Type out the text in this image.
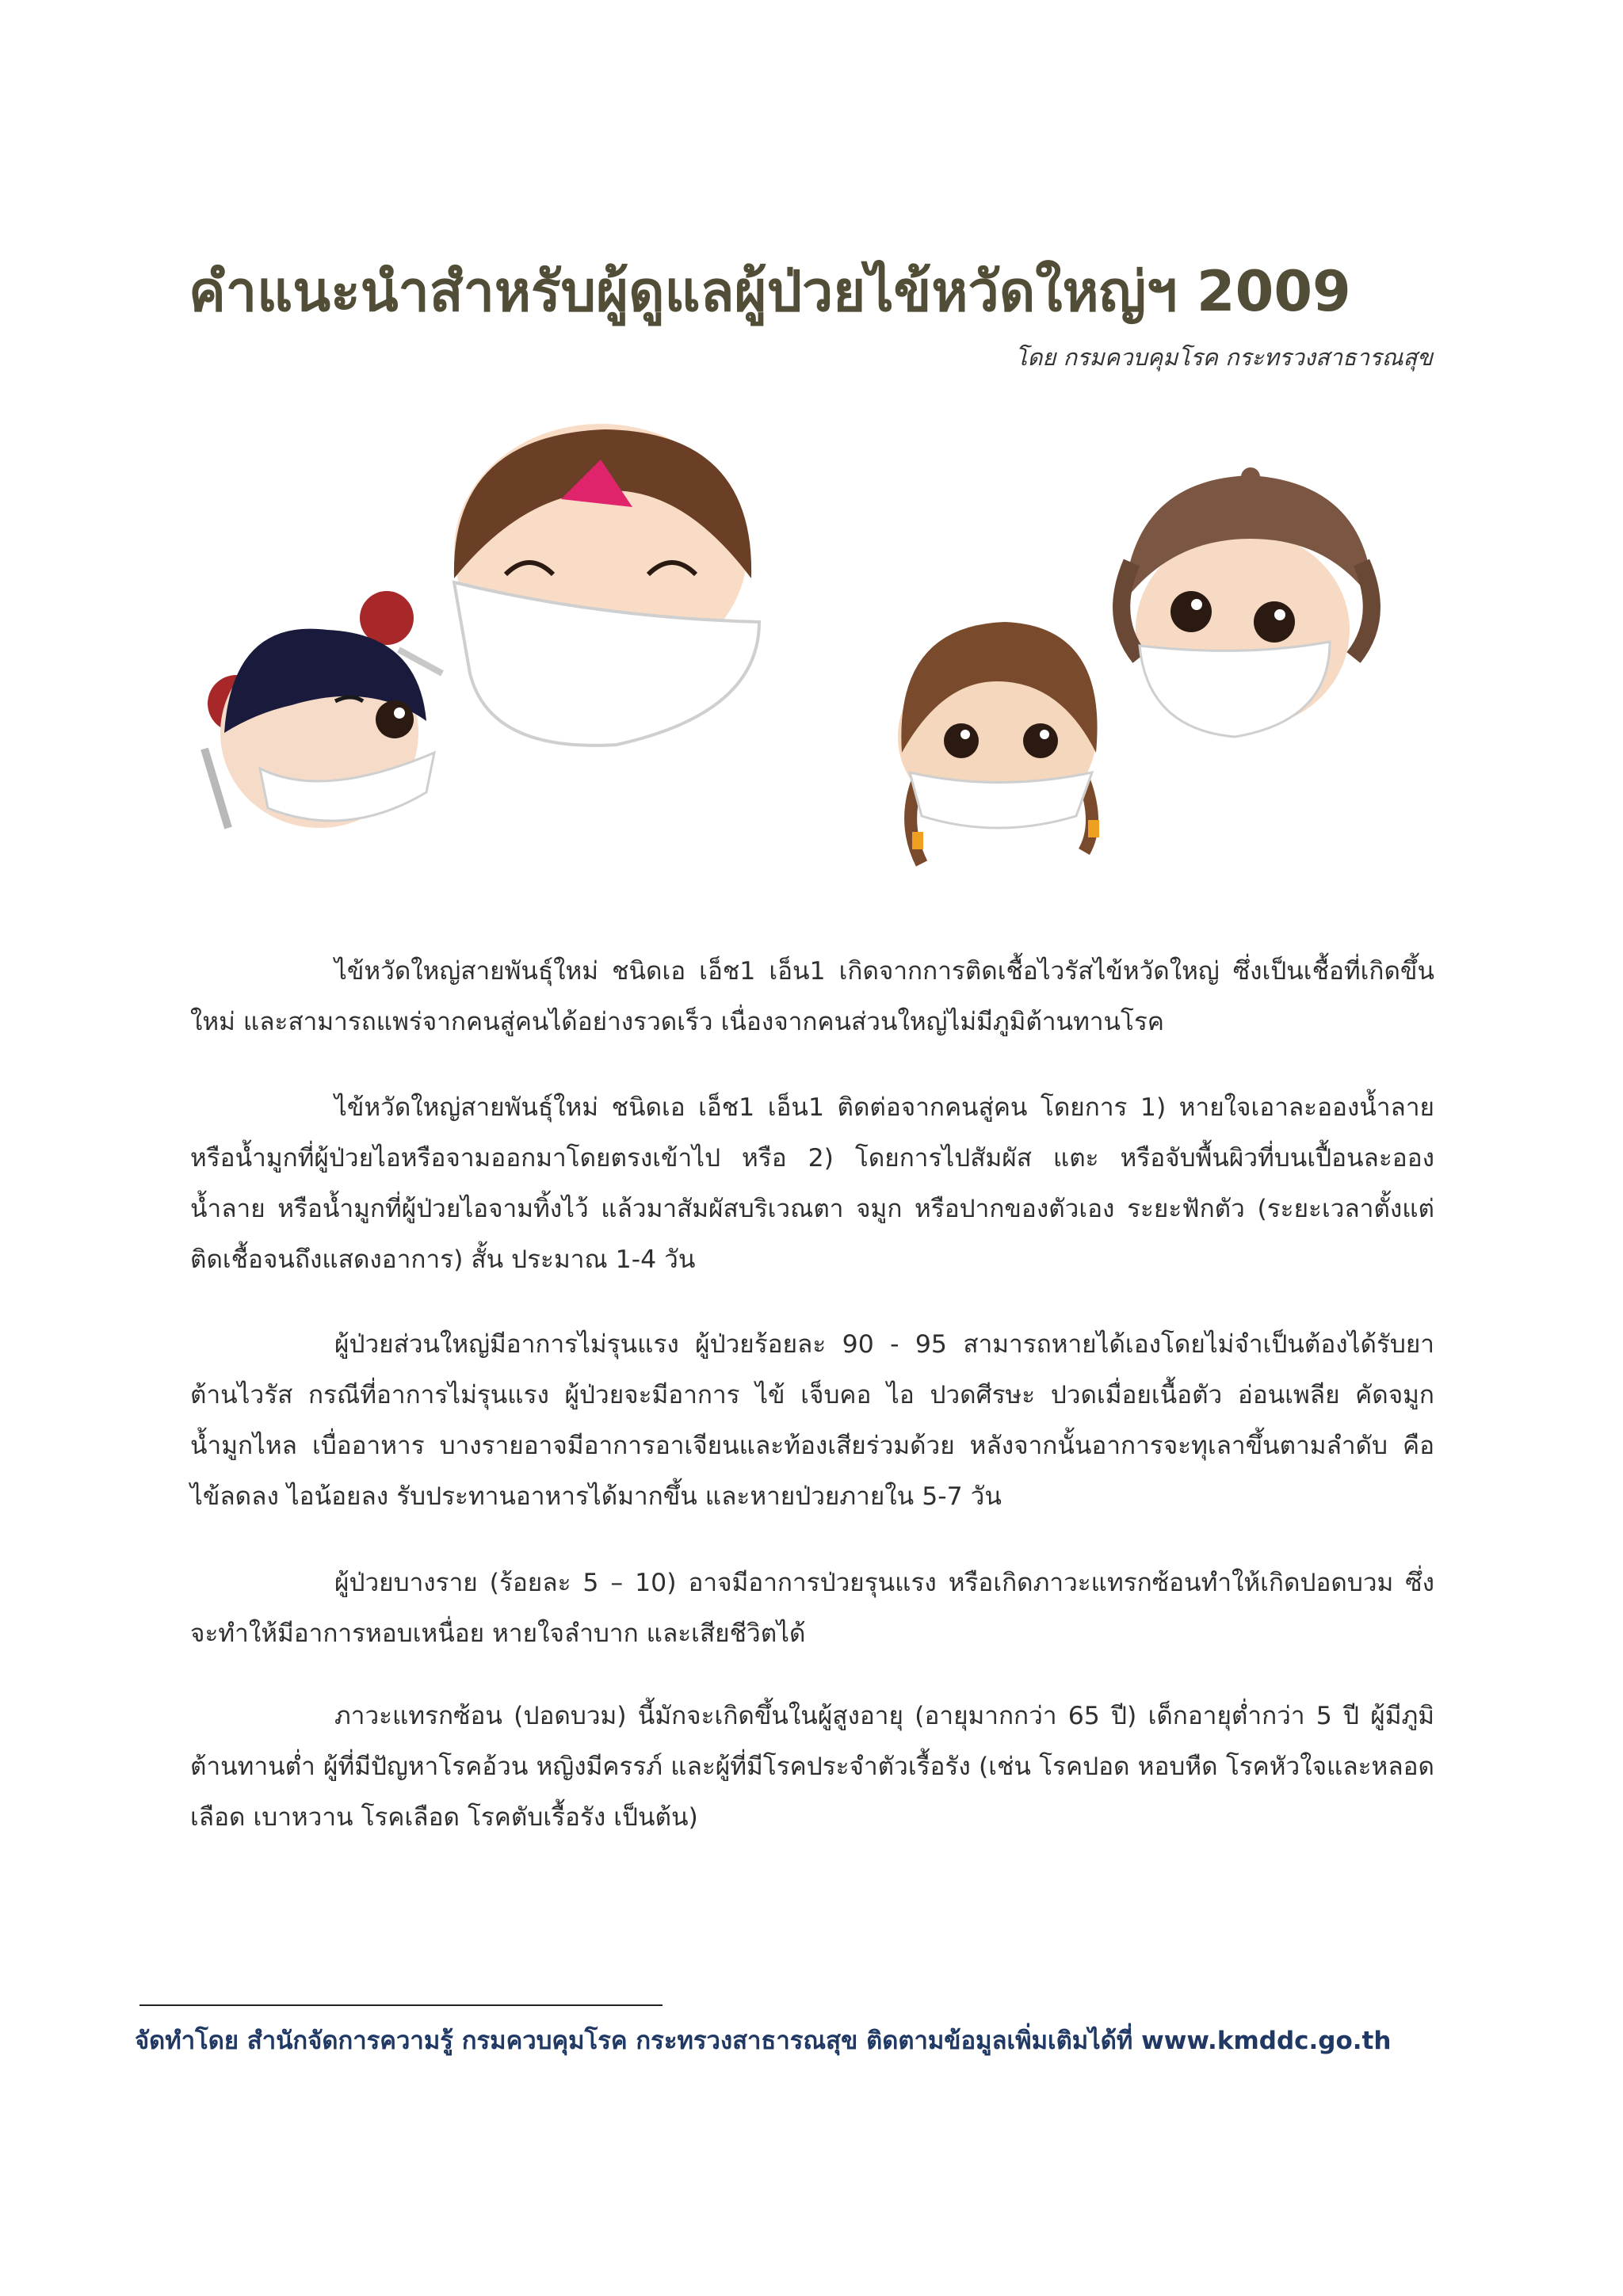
คำแนะนำสำหรับผู้ดูแลผู้ป่วยไข้หวัดใหญ่ฯ 2009
โดย กรมควบคุมโรค กระทรวงสาธารณสุข

ไข้หวัดใหญ่สายพันธุ์ใหม่ ชนิดเอ เอ็ช1 เอ็น1 เกิดจากการติดเชื้อไวรัสไข้หวัดใหญ่ ซึ่งเป็นเชื้อที่เกิดขึ้นใหม่ และสามารถแพร่จากคนสู่คนได้อย่างรวดเร็ว เนื่องจากคนส่วนใหญ่ไม่มีภูมิต้านทานโรค

ไข้หวัดใหญ่สายพันธุ์ใหม่ ชนิดเอ เอ็ช1 เอ็น1 ติดต่อจากคนสู่คน โดยการ 1) หายใจเอาละอองน้ำลาย หรือน้ำมูกที่ผู้ป่วยไอหรือจามออกมาโดยตรงเข้าไป หรือ 2) โดยการไปสัมผัส แตะ หรือจับพื้นผิวที่บนเปื้อนละอองน้ำลาย หรือน้ำมูกที่ผู้ป่วยไอจามทิ้งไว้ แล้วมาสัมผัสบริเวณตา จมูก หรือปากของตัวเอง ระยะฟักตัว (ระยะเวลาตั้งแต่ติดเชื้อจนถึงแสดงอาการ) สั้น ประมาณ 1-4 วัน

ผู้ป่วยส่วนใหญ่มีอาการไม่รุนแรง ผู้ป่วยร้อยละ 90 - 95 สามารถหายได้เองโดยไม่จำเป็นต้องได้รับยาต้านไวรัส กรณีที่อาการไม่รุนแรง ผู้ป่วยจะมีอาการ ไข้ เจ็บคอ ไอ ปวดศีรษะ ปวดเมื่อยเนื้อตัว อ่อนเพลีย คัดจมูก น้ำมูกไหล เบื่ออาหาร บางรายอาจมีอาการอาเจียนและท้องเสียร่วมด้วย หลังจากนั้นอาการจะทุเลาขึ้นตามลำดับ คือ ไข้ลดลง ไอน้อยลง รับประทานอาหารได้มากขึ้น และหายป่วยภายใน 5-7 วัน

ผู้ป่วยบางราย (ร้อยละ 5 – 10) อาจมีอาการป่วยรุนแรง หรือเกิดภาวะแทรกซ้อนทำให้เกิดปอดบวม ซึ่งจะทำให้มีอาการหอบเหนื่อย หายใจลำบาก และเสียชีวิตได้

ภาวะแทรกซ้อน (ปอดบวม) นี้มักจะเกิดขึ้นในผู้สูงอายุ (อายุมากกว่า 65 ปี) เด็กอายุต่ำกว่า 5 ปี ผู้มีภูมิต้านทานต่ำ ผู้ที่มีปัญหาโรคอ้วน หญิงมีครรภ์ และผู้ที่มีโรคประจำตัวเรื้อรัง (เช่น โรคปอด หอบหืด โรคหัวใจและหลอดเลือด เบาหวาน โรคเลือด โรคตับเรื้อรัง เป็นต้น)

จัดทำโดย สำนักจัดการความรู้ กรมควบคุมโรค กระทรวงสาธารณสุข ติดตามข้อมูลเพิ่มเติมได้ที่ www.kmddc.go.th
